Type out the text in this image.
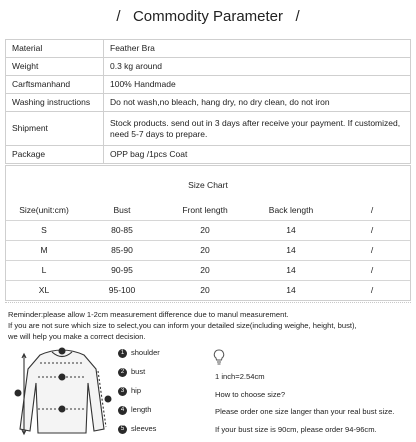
/ Commodity Parameter /
Material	Feather Bra
Weight	0.3 kg around
Carftsmanhand	100% Handmade
Washing instructions	Do not wash,no bleach, hang dry, no dry clean, do not iron
Shipment	Stock products. send out in 3 days after receive your payment. If customized, need 5-7 days to prepare.
Package	OPP bag /1pcs Coat
Size Chart
Size(unit:cm)	Bust	Front length	Back length	/
S	80-85	20	14	/
M	85-90	20	14	/
L	90-95	20	14	/
XL	95-100	20	14	/
Reminder:please allow 1-2cm measurement difference due to manul measurement.
If you are not sure which size to select,you can inform your detailed size(including weighe, height, bust),
we will help you make a correct decision.
1 shoulder
2 bust
3 hip
4 length
5 sleeves
1 inch=2.54cm
How to choose size?
Please order one size langer than your real bust size.
If your bust size is 90cm, please order 94-96cm.
